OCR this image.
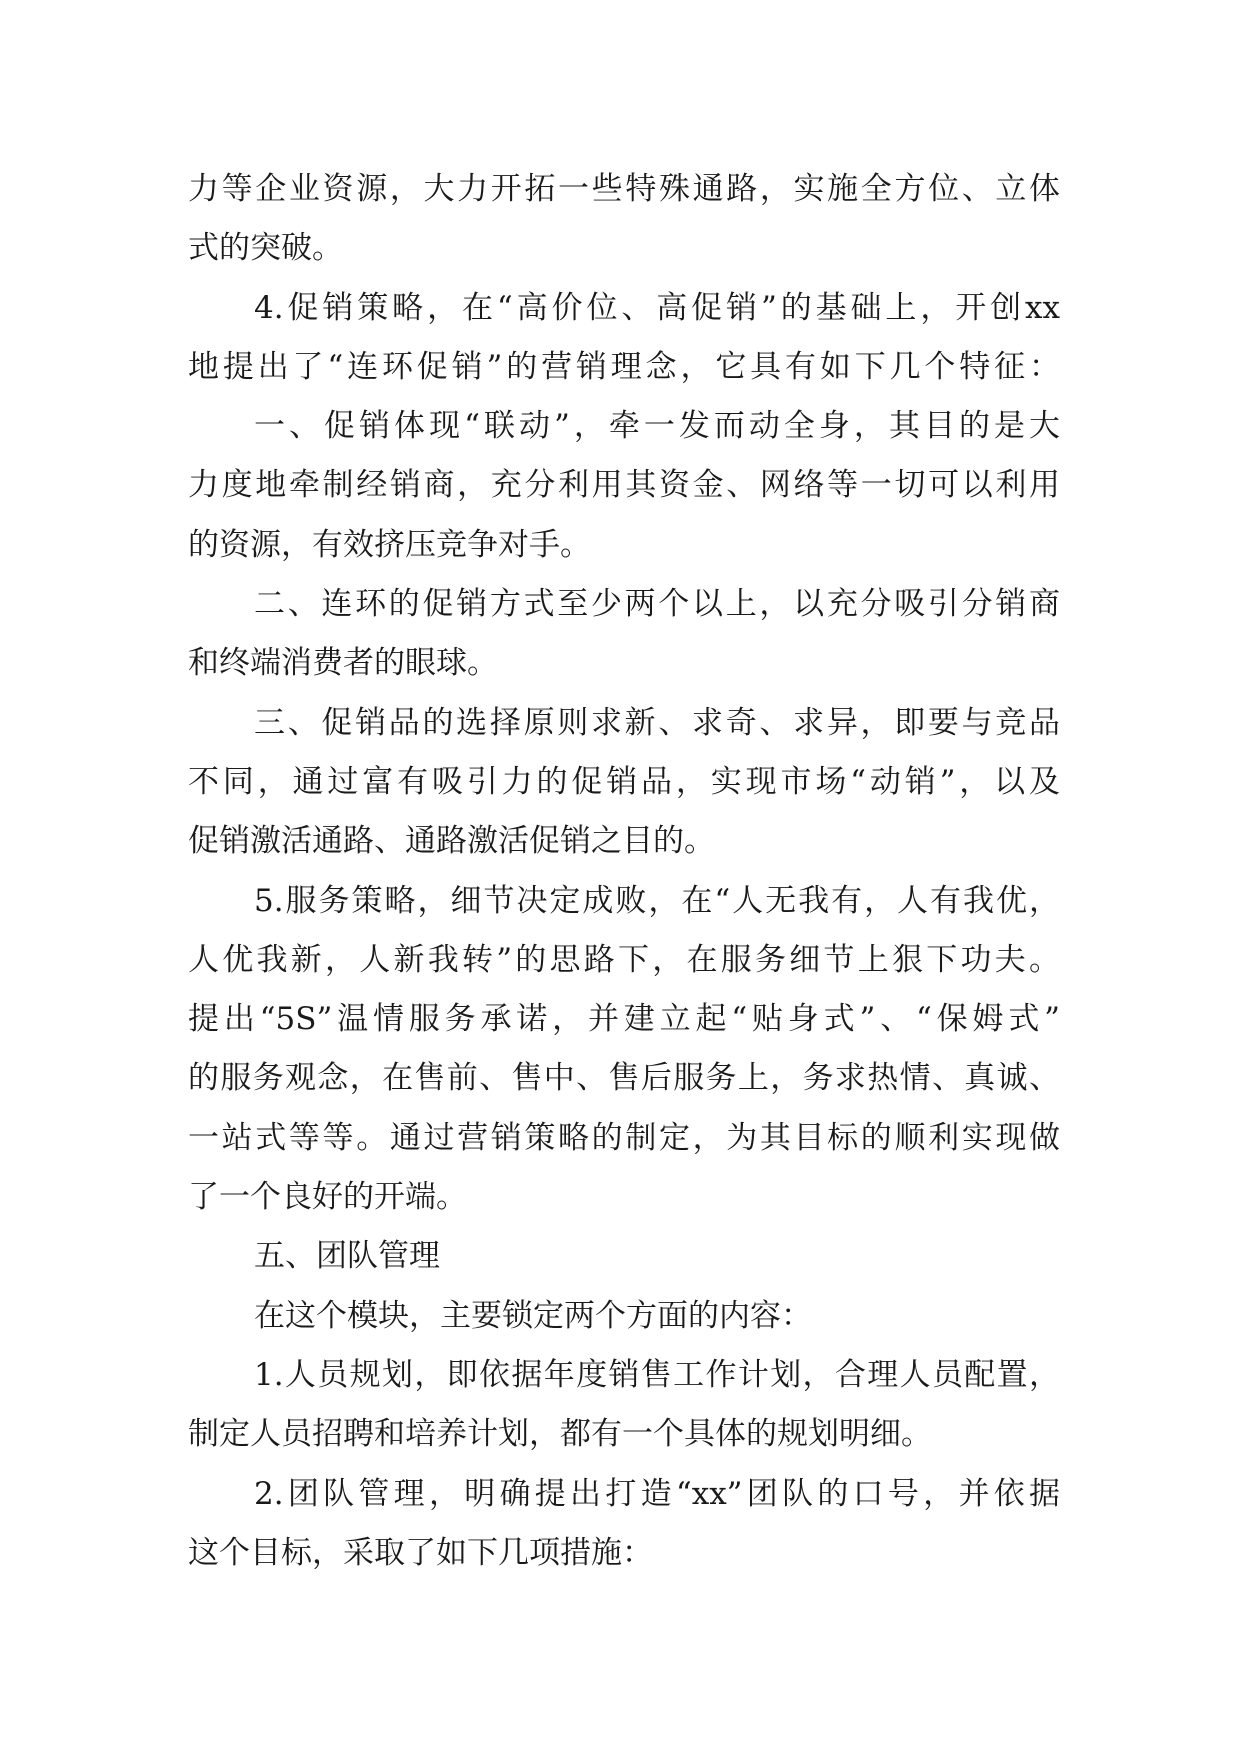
力等企业资源，大力开拓一些特殊通路，实施全方位、立体
式的突破。
4.促销策略，在“高价位、高促销”的基础上，开创xx
地提出了“连环促销”的营销理念，它具有如下几个特征：
一、促销体现“联动”，牵一发而动全身，其目的是大
力度地牵制经销商，充分利用其资金、网络等一切可以利用
的资源，有效挤压竞争对手。
二、连环的促销方式至少两个以上，以充分吸引分销商
和终端消费者的眼球。
三、促销品的选择原则求新、求奇、求异，即要与竞品
不同，通过富有吸引力的促销品，实现市场“动销”，以及
促销激活通路、通路激活促销之目的。
5.服务策略，细节决定成败，在“人无我有，人有我优，
人优我新，人新我转”的思路下，在服务细节上狠下功夫。
提出“5S”温情服务承诺，并建立起“贴身式”、“保姆式”
的服务观念，在售前、售中、售后服务上，务求热情、真诚、
一站式等等。通过营销策略的制定，为其目标的顺利实现做
了一个良好的开端。
五、团队管理
在这个模块，主要锁定两个方面的内容：
1.人员规划，即依据年度销售工作计划，合理人员配置，
制定人员招聘和培养计划，都有一个具体的规划明细。
2.团队管理，明确提出打造“xx”团队的口号，并依据
这个目标，采取了如下几项措施：
